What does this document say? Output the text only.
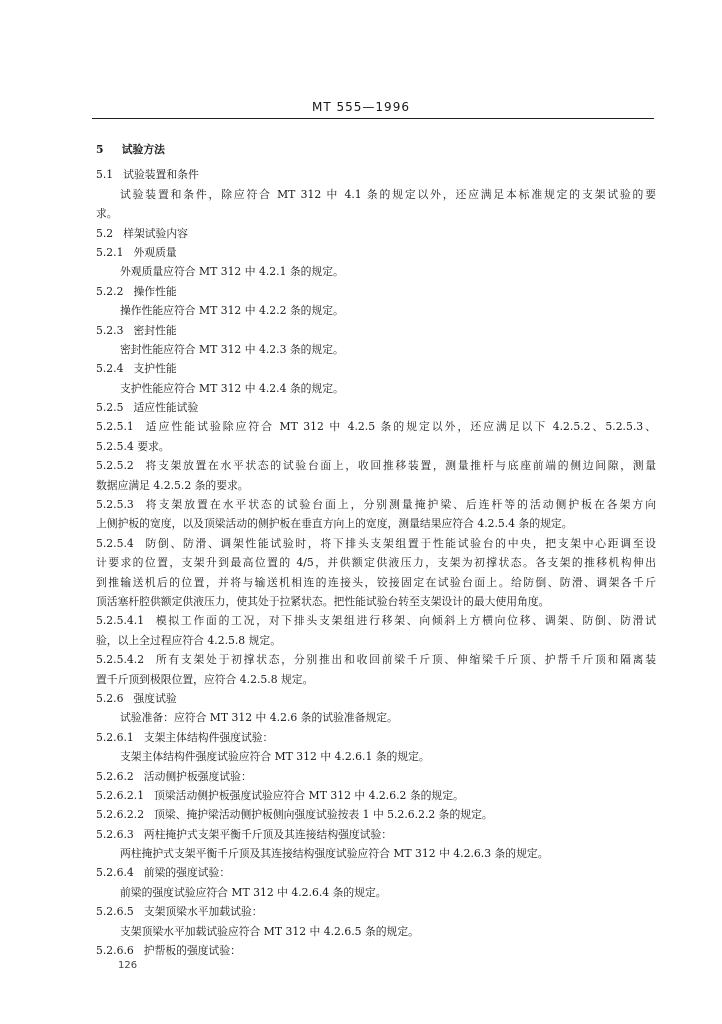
MT 555—1996
5 试验方法
5.1 试验装置和条件
试验装置和条件，除应符合 MT 312 中 4.1 条的规定以外，还应满足本标准规定的支架试验的要
求。
5.2 样架试验内容
5.2.1 外观质量
外观质量应符合 MT 312 中 4.2.1 条的规定。
5.2.2 操作性能
操作性能应符合 MT 312 中 4.2.2 条的规定。
5.2.3 密封性能
密封性能应符合 MT 312 中 4.2.3 条的规定。
5.2.4 支护性能
支护性能应符合 MT 312 中 4.2.4 条的规定。
5.2.5 适应性能试验
5.2.5.1 适应性能试验除应符合 MT 312 中 4.2.5 条的规定以外，还应满足以下 4.2.5.2、5.2.5.3、
5.2.5.4 要求。
5.2.5.2 将支架放置在水平状态的试验台面上，收回推移装置，测量推杆与底座前端的侧边间隙，测量
数据应满足 4.2.5.2 条的要求。
5.2.5.3 将支架放置在水平状态的试验台面上，分别测量掩护梁、后连杆等的活动侧护板在各架方向
上侧护板的宽度，以及顶梁活动的侧护板在垂直方向上的宽度，测量结果应符合 4.2.5.4 条的规定。
5.2.5.4 防倒、防滑、调架性能试验时，将下排头支架组置于性能试验台的中央，把支架中心距调至设
计要求的位置，支架升到最高位置的 4/5，并供额定供液压力，支架为初撑状态。各支架的推移机构伸出
到推输送机后的位置，并将与输送机相连的连接头，铰接固定在试验台面上。给防倒、防滑、调架各千斤
顶活塞杆腔供额定供液压力，使其处于拉紧状态。把性能试验台转至支架设计的最大使用角度。
5.2.5.4.1 模拟工作面的工况，对下排头支架组进行移架、向倾斜上方横向位移、调架、防倒、防滑试
验，以上全过程应符合 4.2.5.8 规定。
5.2.5.4.2 所有支架处于初撑状态，分别推出和收回前梁千斤顶、伸缩梁千斤顶、护帮千斤顶和隔离装
置千斤顶到极限位置，应符合 4.2.5.8 规定。
5.2.6 强度试验
试验准备：应符合 MT 312 中 4.2.6 条的试验准备规定。
5.2.6.1 支架主体结构件强度试验：
支架主体结构件强度试验应符合 MT 312 中 4.2.6.1 条的规定。
5.2.6.2 活动侧护板强度试验：
5.2.6.2.1 顶梁活动侧护板强度试验应符合 MT 312 中 4.2.6.2 条的规定。
5.2.6.2.2 顶梁、掩护梁活动侧护板侧向强度试验按表 1 中 5.2.6.2.2 条的规定。
5.2.6.3 两柱掩护式支架平衡千斤顶及其连接结构强度试验：
两柱掩护式支架平衡千斤顶及其连接结构强度试验应符合 MT 312 中 4.2.6.3 条的规定。
5.2.6.4 前梁的强度试验：
前梁的强度试验应符合 MT 312 中 4.2.6.4 条的规定。
5.2.6.5 支架顶梁水平加载试验：
支架顶梁水平加载试验应符合 MT 312 中 4.2.6.5 条的规定。
5.2.6.6 护帮板的强度试验：
126
